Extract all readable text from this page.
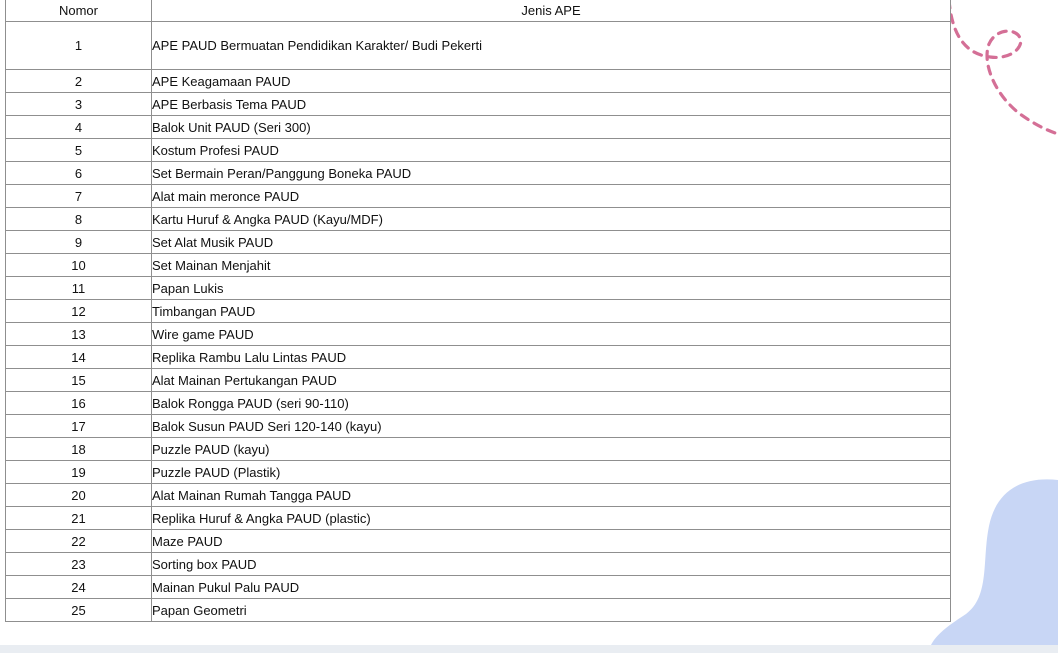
Nomor	Jenis APE
1	APE PAUD Bermuatan Pendidikan Karakter/ Budi Pekerti
2	APE Keagamaan PAUD
3	APE Berbasis Tema PAUD
4	Balok Unit PAUD (Seri 300)
5	Kostum Profesi PAUD
6	Set Bermain Peran/Panggung Boneka PAUD
7	Alat main meronce PAUD
8	Kartu Huruf & Angka PAUD (Kayu/MDF)
9	Set Alat Musik PAUD
10	Set Mainan Menjahit
11	Papan Lukis
12	Timbangan PAUD
13	Wire game PAUD
14	Replika Rambu Lalu Lintas PAUD
15	Alat Mainan Pertukangan PAUD
16	Balok Rongga PAUD (seri 90-110)
17	Balok Susun PAUD Seri 120-140 (kayu)
18	Puzzle PAUD (kayu)
19	Puzzle PAUD (Plastik)
20	Alat Mainan Rumah Tangga PAUD
21	Replika Huruf & Angka PAUD (plastic)
22	Maze PAUD
23	Sorting box PAUD
24	Mainan Pukul Palu PAUD
25	Papan Geometri
